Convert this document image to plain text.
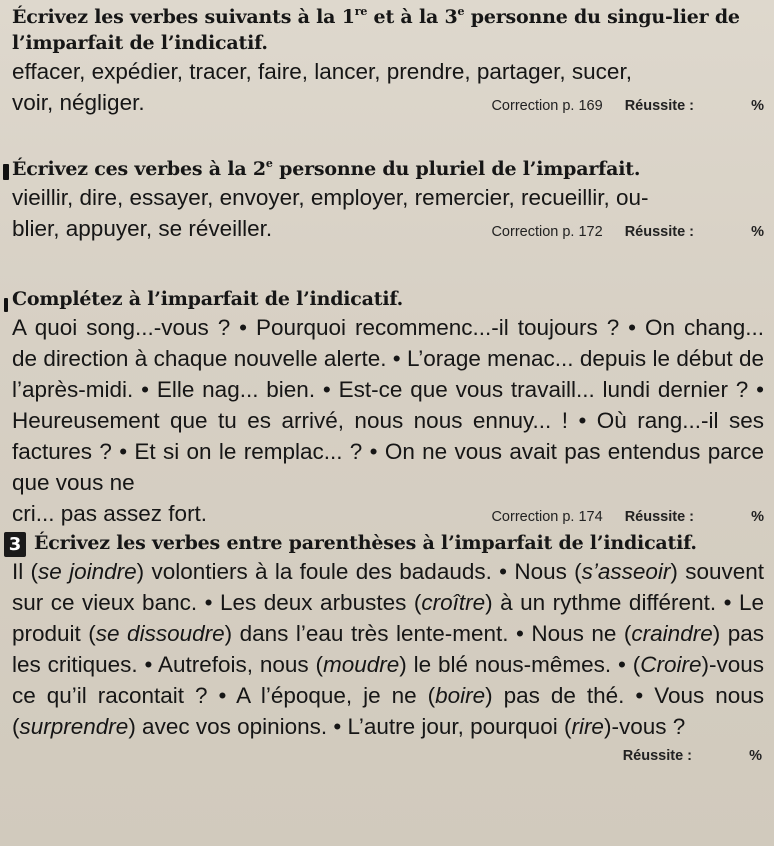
Écrivez les verbes suivants à la 1re et à la 3e personne du singu-lier de l’imparfait de l’indicatif.

effacer, expédier, tracer, faire, lancer, prendre, partager, sucer,

voir, négliger.	Correction p. 169 Réussite :	%

Écrivez ces verbes à la 2e personne du pluriel de l’imparfait.

vieillir, dire, essayer, envoyer, employer, remercier, recueillir, ou-

blier, appuyer, se réveiller.	Correction p. 172 Réussite :	%

Complétez à l’imparfait de l’indicatif.

A quoi song...-vous ? • Pourquoi recommenc...-il toujours ? • On chang... de direction à chaque nouvelle alerte. • L’orage menac... depuis le début de l’après-midi. • Elle nag... bien. • Est-ce que vous travaill... lundi dernier ? • Heureusement que tu es arrivé, nous nous ennuy... ! • Où rang...-il ses factures ? • Et si on le remplac... ? • On ne vous avait pas entendus parce que vous ne

cri... pas assez fort.	Correction p. 174 Réussite :	%
3 Écrivez les verbes entre parenthèses à l’imparfait de l’indicatif.

Il (se joindre) volontiers à la foule des badauds. • Nous (s’asseoir) souvent sur ce vieux banc. • Les deux arbustes (croître) à un rythme différent. • Le produit (se dissoudre) dans l’eau très lente-ment. • Nous ne (craindre) pas les critiques. • Autrefois, nous (moudre) le blé nous-mêmes. • (Croire)-vous ce qu’il racontait ? • A l’époque, je ne (boire) pas de thé. • Vous nous (surprendre) avec vos opinions. • L’autre jour, pourquoi (rire)-vous ?

Réussite :	%
